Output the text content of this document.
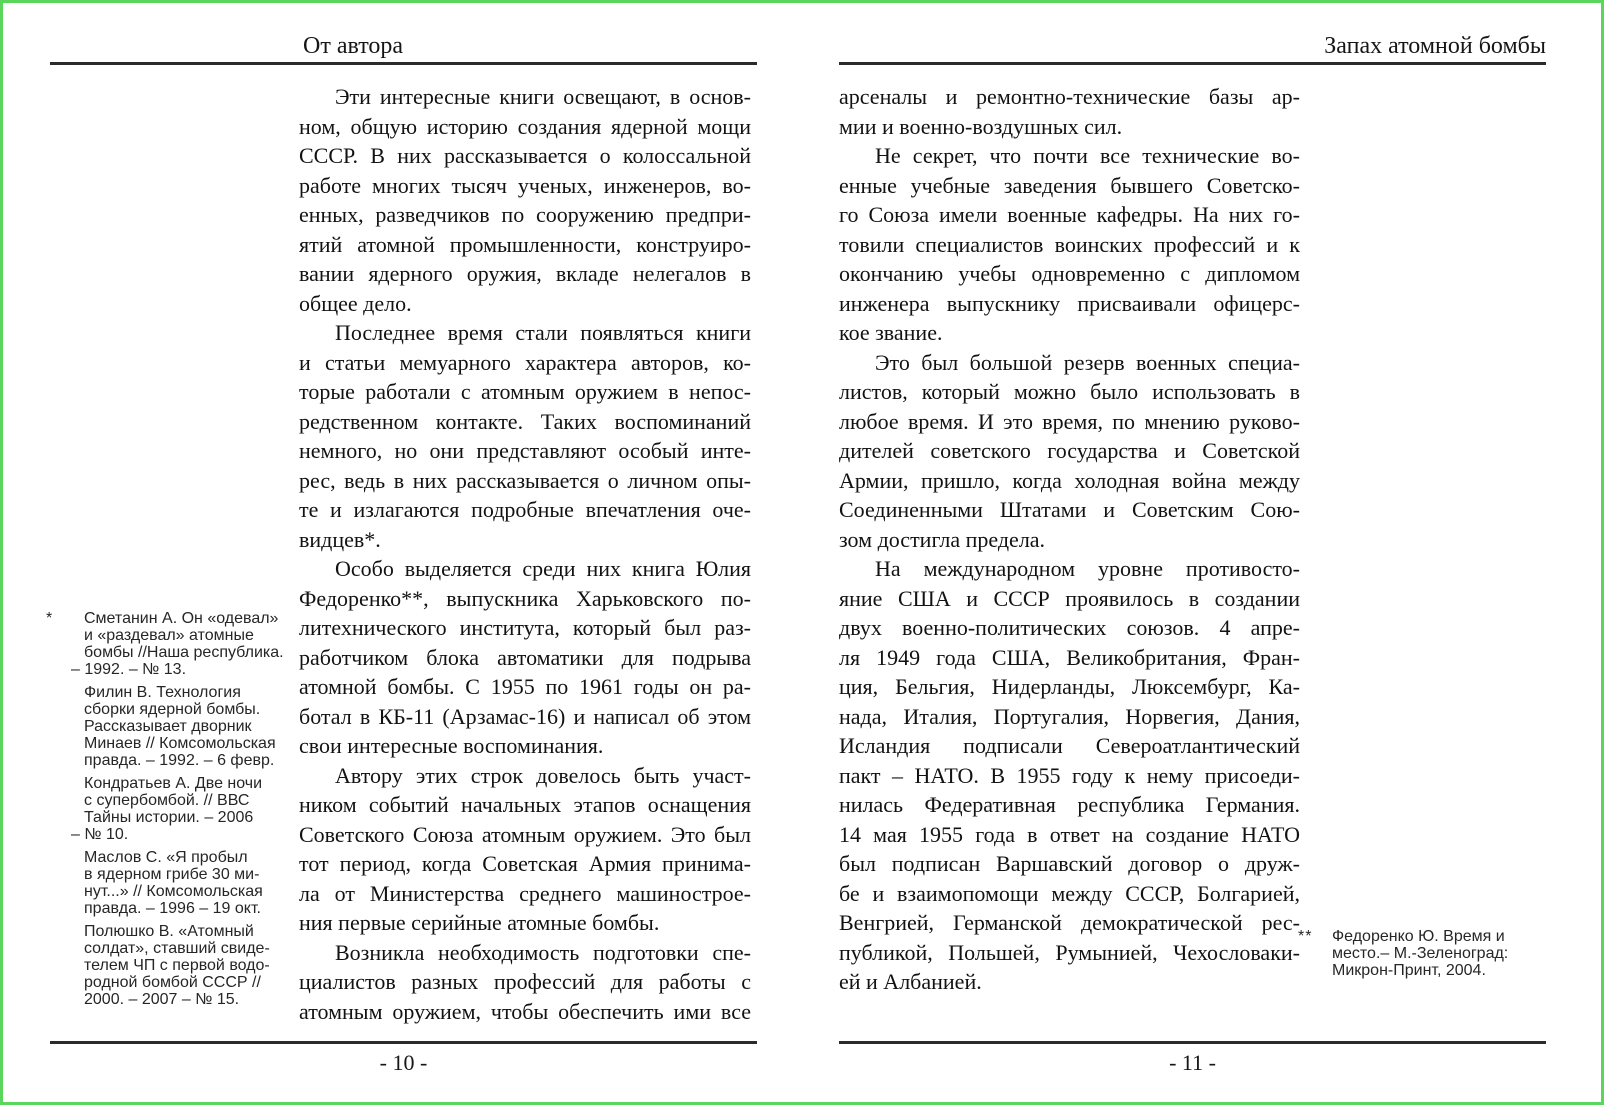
От автора	Запах атомной бомбы
Эти интересные книги освещают, в основ-
ном, общую историю создания ядерной мощи
СССР. В них рассказывается о колоссальной
работе многих тысяч ученых, инженеров, во-
енных, разведчиков по сооружению предпри-
ятий атомной промышленности, конструиро-
вании ядерного оружия, вкладе нелегалов в
общее дело.
Последнее время стали появляться книги
и статьи мемуарного характера авторов, ко-
торые работали с атомным оружием в непос-
редственном контакте. Таких воспоминаний
немного, но они представляют особый инте-
рес, ведь в них рассказывается о личном опы-
те и излагаются подробные впечатления оче-
видцев*.
Особо выделяется среди них книга Юлия
Федоренко**, выпускника Харьковского по-
литехнического института, который был раз-
работчиком блока автоматики для подрыва
атомной бомбы. С 1955 по 1961 годы он ра-
ботал в КБ-11 (Арзамас-16) и написал об этом
свои интересные воспоминания.
Автору этих строк довелось быть участ-
ником событий начальных этапов оснащения
Советского Союза атомным оружием. Это был
тот период, когда Советская Армия принима-
ла от Министерства среднего машинострое-
ния первые серийные атомные бомбы.
Возникла необходимость подготовки спе-
циалистов разных профессий для работы с
атомным оружием, чтобы обеспечить ими все
арсеналы и ремонтно-технические базы ар-
мии и военно-воздушных сил.
Не секрет, что почти все технические во-
енные учебные заведения бывшего Советско-
го Союза имели военные кафедры. На них го-
товили специалистов воинских профессий и к
окончанию учебы одновременно с дипломом
инженера выпускнику присваивали офицерс-
кое звание.
Это был большой резерв военных специа-
листов, который можно было использовать в
любое время. И это время, по мнению руково-
дителей советского государства и Советской
Армии, пришло, когда холодная война между
Соединенными Штатами и Советским Сою-
зом достигла предела.
На международном уровне противосто-
яние США и СССР проявилось в создании
двух военно-политических союзов. 4 апре-
ля 1949 года США, Великобритания, Фран-
ция, Бельгия, Нидерланды, Люксембург, Ка-
нада, Италия, Португалия, Норвегия, Дания,
Исландия подписали Североатлантический
пакт – НАТО. В 1955 году к нему присоеди-
нилась Федеративная республика Германия.
14 мая 1955 года в ответ на создание НАТО
был подписан Варшавский договор о друж-
бе и взаимопомощи между СССР, Болгарией,
Венгрией, Германской демократической рес-
публикой, Польшей, Румынией, Чехословаки-
ей и Албанией.
*	Сметанин А. Он «одевал»
и «раздевал» атомные
бомбы //Наша республика.
– 1992. – № 13.
Филин В. Технология
сборки ядерной бомбы.
Рассказывает дворник
Минаев // Комсомольская
правда. – 1992. – 6 февр.
Кондратьев А. Две ночи
с супербомбой. // ВВС
Тайны истории. – 2006
– № 10.
Маслов С. «Я пробыл
в ядерном грибе 30 ми-
нут...» // Комсомольская
правда. – 1996 – 19 окт.
Полюшко В. «Атомный
солдат», ставший свиде-
телем ЧП с первой водо-
родной бомбой СССР //
2000. – 2007 – № 15.
**	Федоренко Ю. Время и
место.– М.-Зеленоград:
Микрон-Принт, 2004.
- 10 -	- 11 -
